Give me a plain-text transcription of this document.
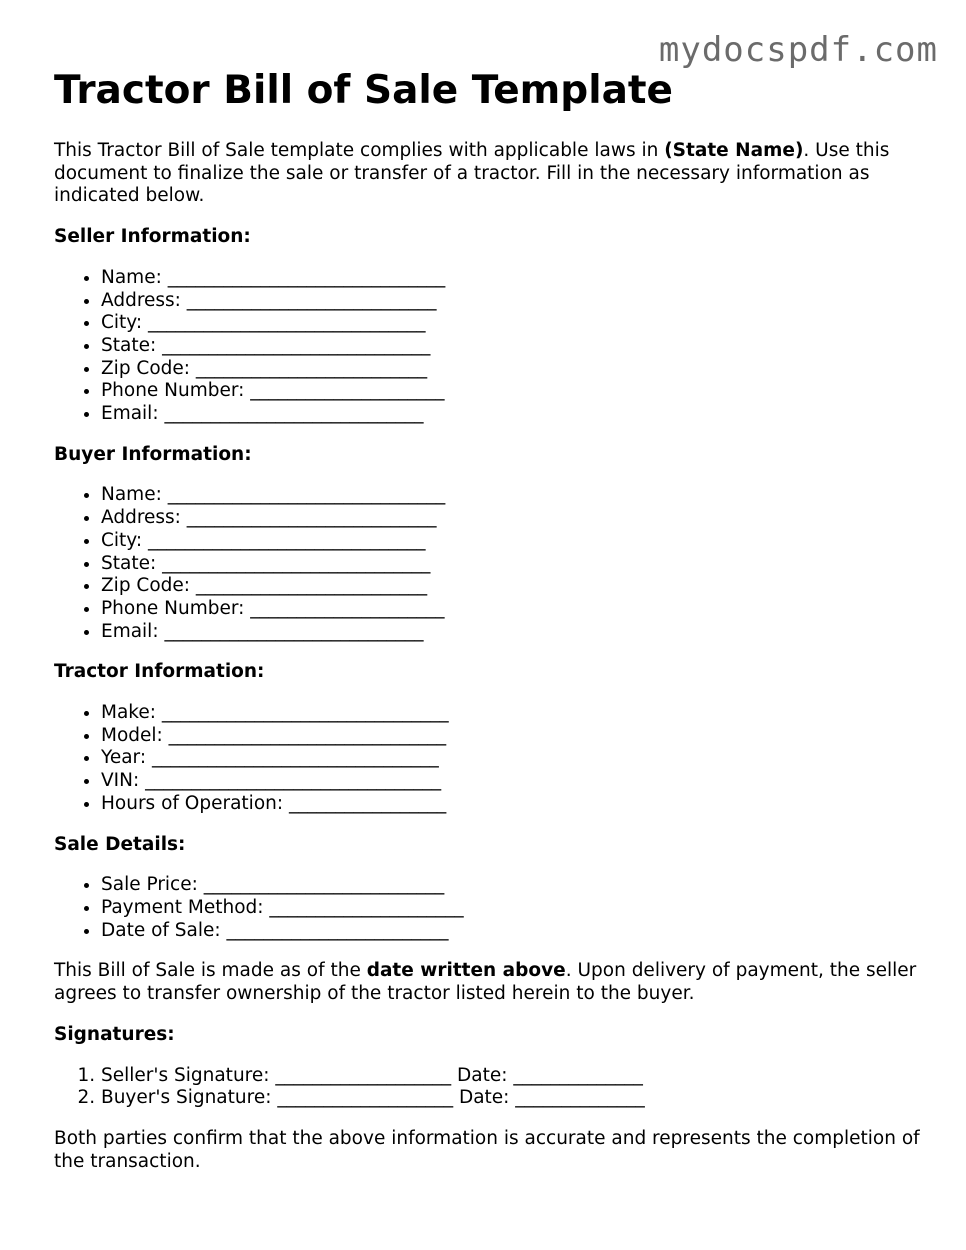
mydocspdf.com
Tractor Bill of Sale Template

This Tractor Bill of Sale template complies with applicable laws in (State Name). Use this document to finalize the sale or transfer of a tractor. Fill in the necessary information as indicated below.

Seller Information:
• Name: ______________________________
• Address: ___________________________
• City: ______________________________
• State: _____________________________
• Zip Code: _________________________
• Phone Number: _____________________
• Email: ____________________________
Buyer Information:
• Name: ______________________________
• Address: ___________________________
• City: ______________________________
• State: _____________________________
• Zip Code: _________________________
• Phone Number: _____________________
• Email: ____________________________
Tractor Information:
• Make: _______________________________
• Model: ______________________________
• Year: _______________________________
• VIN: ________________________________
• Hours of Operation: _________________
Sale Details:
• Sale Price: __________________________
• Payment Method: _____________________
• Date of Sale: ________________________

This Bill of Sale is made as of the date written above. Upon delivery of payment, the seller agrees to transfer ownership of the tractor listed herein to the buyer.

Signatures:
1. Seller's Signature: ___________________ Date: ______________
2. Buyer's Signature: ___________________ Date: ______________

Both parties confirm that the above information is accurate and represents the completion of the transaction.
